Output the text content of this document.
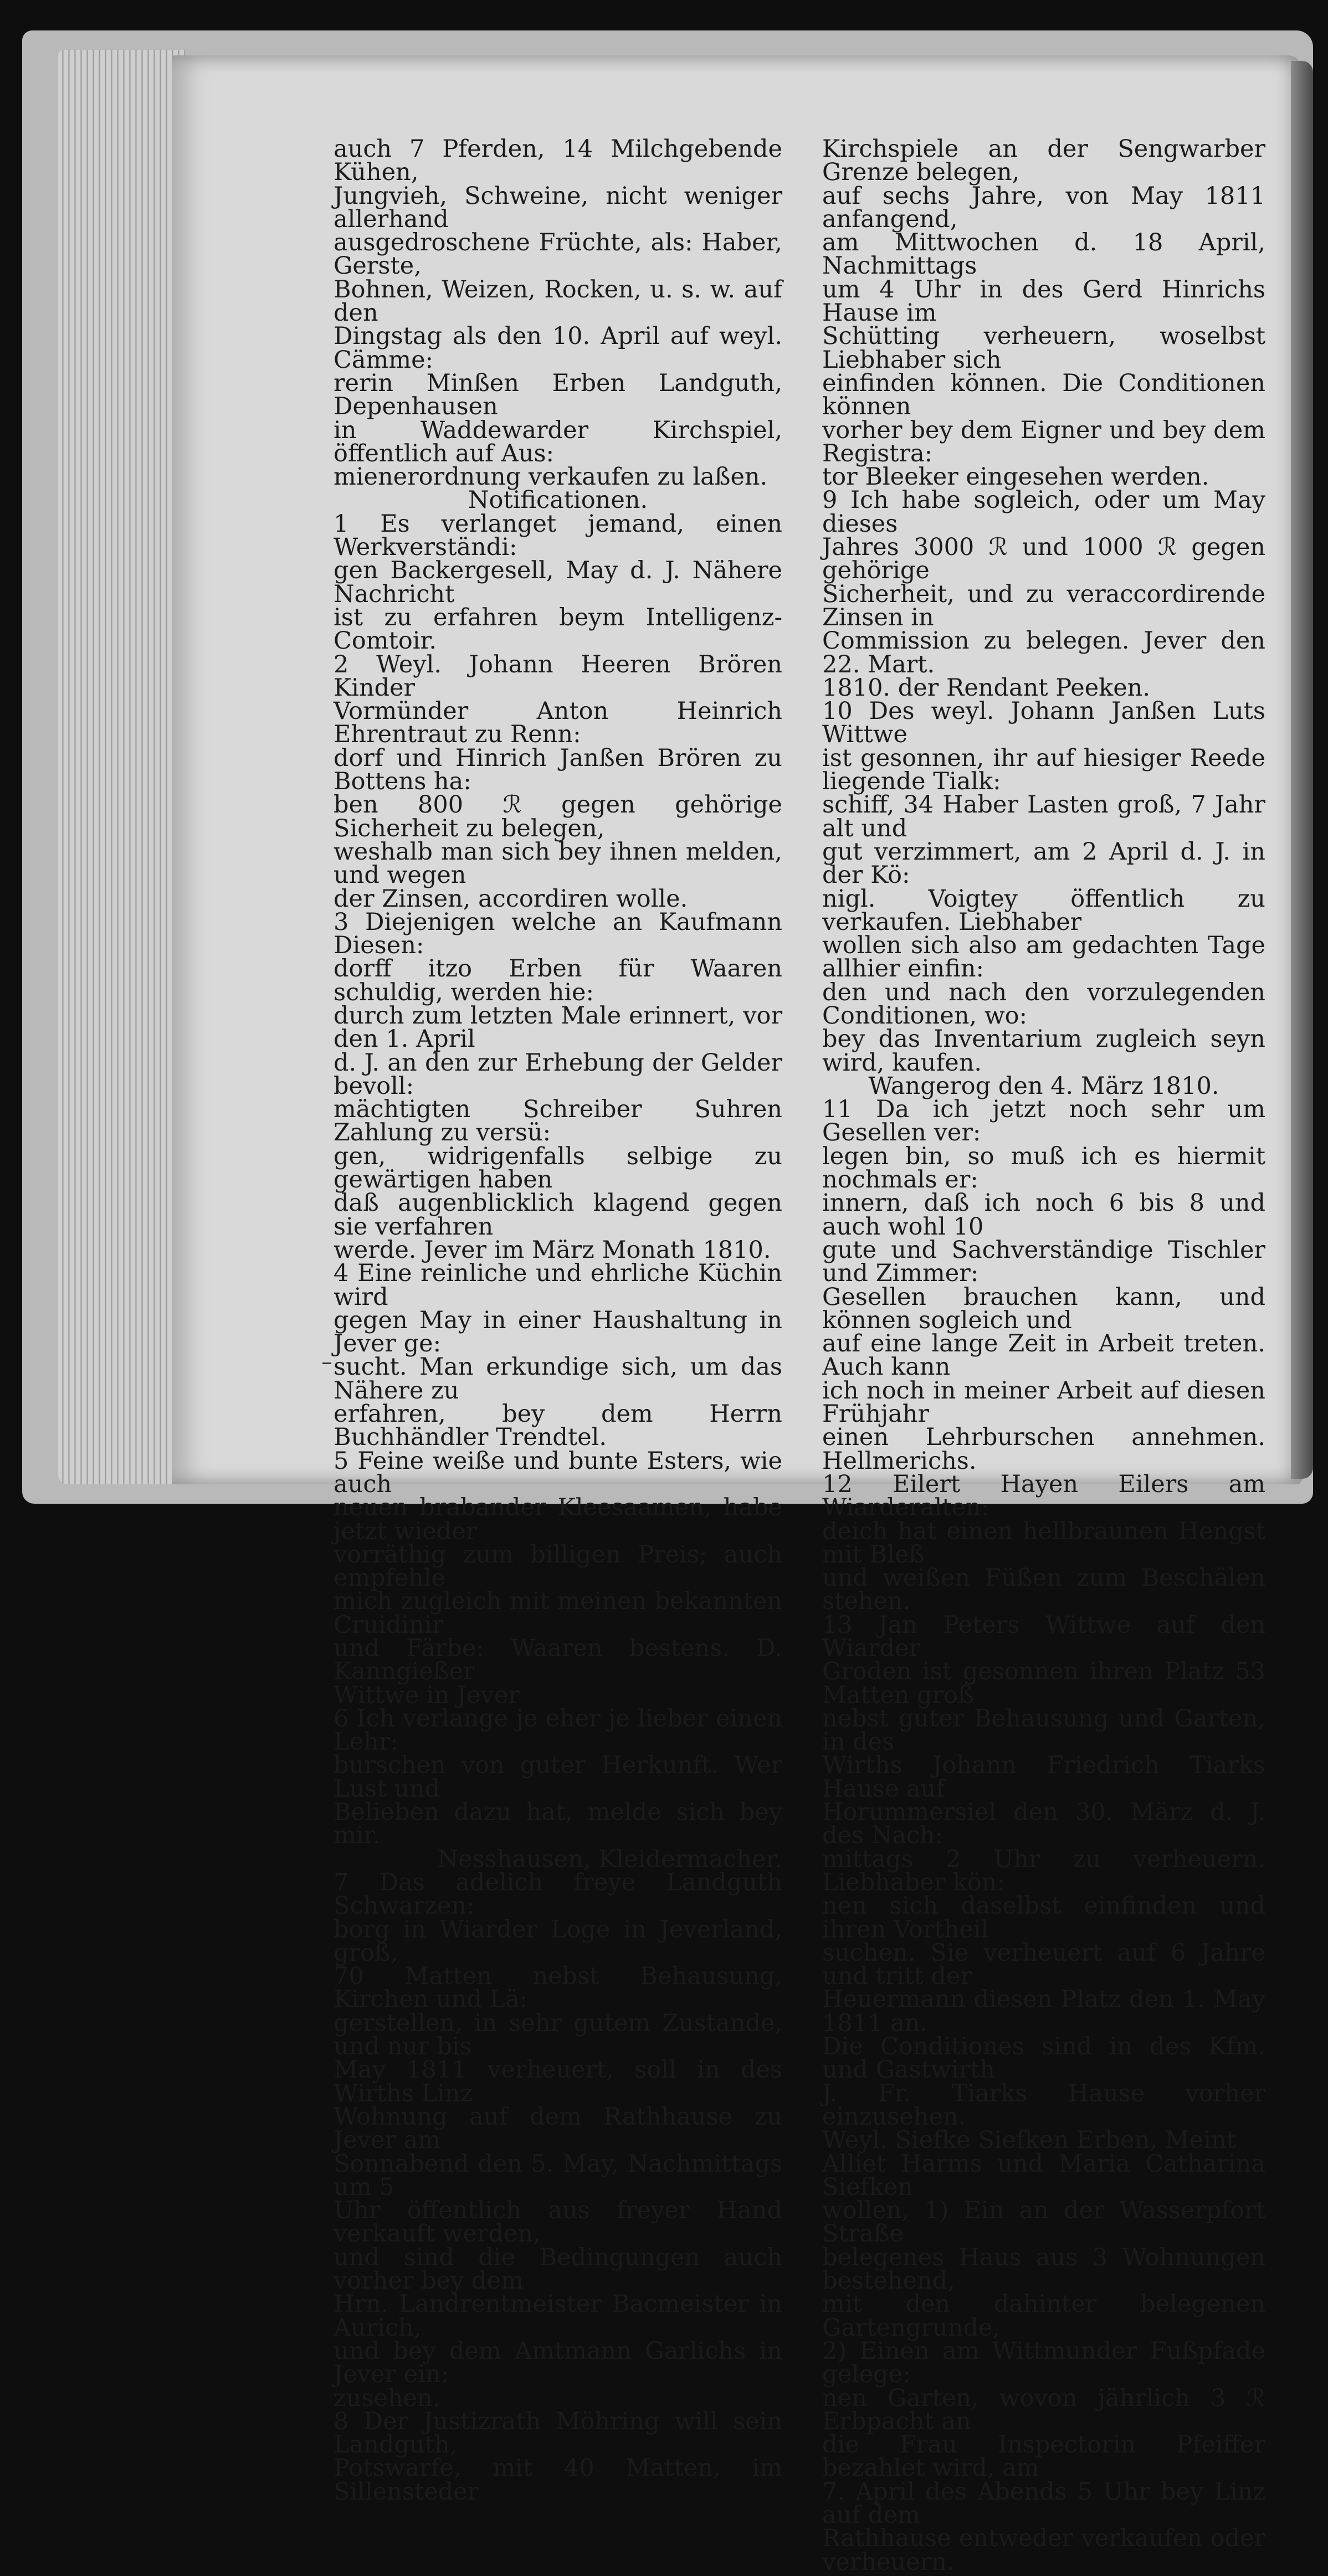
auch 7 Pferden, 14 Milchgebende Kühen,
Jungvieh, Schweine, nicht weniger allerhand
ausgedroschene Früchte, als: Haber, Gerste,
Bohnen, Weizen, Rocken, u. s. w. auf den
Dingstag als den 10. April auf weyl. Cämme:
rerin Minßen Erben Landguth, Depenhausen
in Waddewarder Kirchspiel, öffentlich auf Aus:
mienerordnung verkaufen zu laßen.

Notificationen.

1 Es verlanget jemand, einen Werkverständi:
gen Backergesell, May d. J. Nähere Nachricht
ist zu erfahren beym Intelligenz-Comtoir.

2 Weyl. Johann Heeren Brören Kinder
Vormünder Anton Heinrich Ehrentraut zu Renn:
dorf und Hinrich Janßen Brören zu Bottens ha:
ben 800 ℛ gegen gehörige Sicherheit zu belegen,
weshalb man sich bey ihnen melden, und wegen
der Zinsen, accordiren wolle.

3 Diejenigen welche an Kaufmann Diesen:
dorff itzo Erben für Waaren schuldig, werden hie:
durch zum letzten Male erinnert, vor den 1. April
d. J. an den zur Erhebung der Gelder bevoll:
mächtigten Schreiber Suhren Zahlung zu versü:
gen, widrigenfalls selbige zu gewärtigen haben
daß augenblicklich klagend gegen sie verfahren
werde. Jever im März Monath 1810.

4 Eine reinliche und ehrliche Küchin wird
gegen May in einer Haushaltung in Jever ge:
sucht. Man erkundige sich, um das Nähere zu
erfahren, bey dem Herrn Buchhändler Trendtel.

5 Feine weiße und bunte Esters, wie auch
neuen brabander Kleesaamen, habe jetzt wieder
vorräthig zum billigen Preis; auch empfehle
mich zugleich mit meinen bekannten Cruidinir
und Färbe: Waaren bestens. D. Kanngießer
Wittwe in Jever

6 Ich verlange je eher je lieber einen Lehr:
burschen von guter Herkunft. Wer Lust und
Belieben dazu hat, melde sich bey mir.

Nesshausen, Kleidermacher.

7 Das adelich freye Landguth Schwarzen:
borg in Wiarder Loge in Jeverland, groß,
70 Matten nebst Behausung, Kirchen und Lä:
gerstellen, in sehr gutem Zustande, und nur bis
May 1811 verheuert, soll in des Wirths Linz
Wohnung auf dem Rathhause zu Jever am
Sonnabend den 5. May, Nachmittags um 5
Uhr öffentlich aus freyer Hand verkauft werden,
und sind die Bedingungen auch vorher bey dem
Hrn. Landrentmeister Bacmeister in Aurich,
und bey dem Amtmann Garlichs in Jever ein:
zusehen.

8 Der Justizrath Möhring will sein Landguth,
Potswarfe, mit 40 Matten, im Sillensteder

Kirchspiele an der Sengwarber Grenze belegen,
auf sechs Jahre, von May 1811 anfangend,
am Mittwochen d. 18 April, Nachmittags
um 4 Uhr in des Gerd Hinrichs Hause im
Schütting verheuern, woselbst Liebhaber sich
einfinden können. Die Conditionen können
vorher bey dem Eigner und bey dem Registra:
tor Bleeker eingesehen werden.

9 Ich habe sogleich, oder um May dieses
Jahres 3000 ℛ und 1000 ℛ gegen gehörige
Sicherheit, und zu veraccordirende Zinsen in
Commission zu belegen. Jever den 22. Mart.
1810. der Rendant Peeken.

10 Des weyl. Johann Janßen Luts Wittwe
ist gesonnen, ihr auf hiesiger Reede liegende Tialk:
schiff, 34 Haber Lasten groß, 7 Jahr alt und
gut verzimmert, am 2 April d. J. in der Kö:
nigl. Voigtey öffentlich zu verkaufen. Liebhaber
wollen sich also am gedachten Tage allhier einfin:
den und nach den vorzulegenden Conditionen, wo:
bey das Inventarium zugleich seyn wird, kaufen.

Wangerog den 4. März 1810.

11 Da ich jetzt noch sehr um Gesellen ver:
legen bin, so muß ich es hiermit nochmals er:
innern, daß ich noch 6 bis 8 und auch wohl 10
gute und Sachverständige Tischler und Zimmer:
Gesellen brauchen kann, und können sogleich und
auf eine lange Zeit in Arbeit treten. Auch kann
ich noch in meiner Arbeit auf diesen Frühjahr
einen Lehrburschen annehmen. Hellmerichs.

12 Eilert Hayen Eilers am Wiarderalten:
deich hat einen hellbraunen Hengst mit Bleß
und weißen Füßen zum Beschälen stehen.

13 Jan Peters Wittwe auf den Wiarder
Groden ist gesonnen ihren Platz 53 Matten groß
nebst guter Behausung und Garten, in des
Wirths Johann Friedrich Tiarks Hause auf
Horummersiel den 30. März d. J. des Nach:
mittags 2 Uhr zu verheuern. Liebhaber kön:
nen sich daselbst einfinden und ihren Vortheil
suchen. Sie verheuert auf 6 Jahre und tritt der
Heuermann diesen Platz den 1. May 1811 an.
Die Conditiones sind in des Kfm. und Gastwirth
J. Fr. Tiarks Hause vorher einzusehen.

Weyl. Siefke Siefken Erben, Meint
Alliet Harms und Maria Catharina Siefken
wollen, 1) Ein an der Wasserpfort Straße
belegenes Haus aus 3 Wohnungen bestehend,
mit den dahinter belegenen Gartengrunde,

2) Einen am Wittmunder Fußpfade gelege:
nen Garten, wovon jährlich 3 ℛ Erbpacht an
die Frau Inspectorin Pfeiffer bezahlet wird, am
7. April des Abends 5 Uhr bey Linz auf dem
Rathhause entweder verkaufen oder verheuern.
